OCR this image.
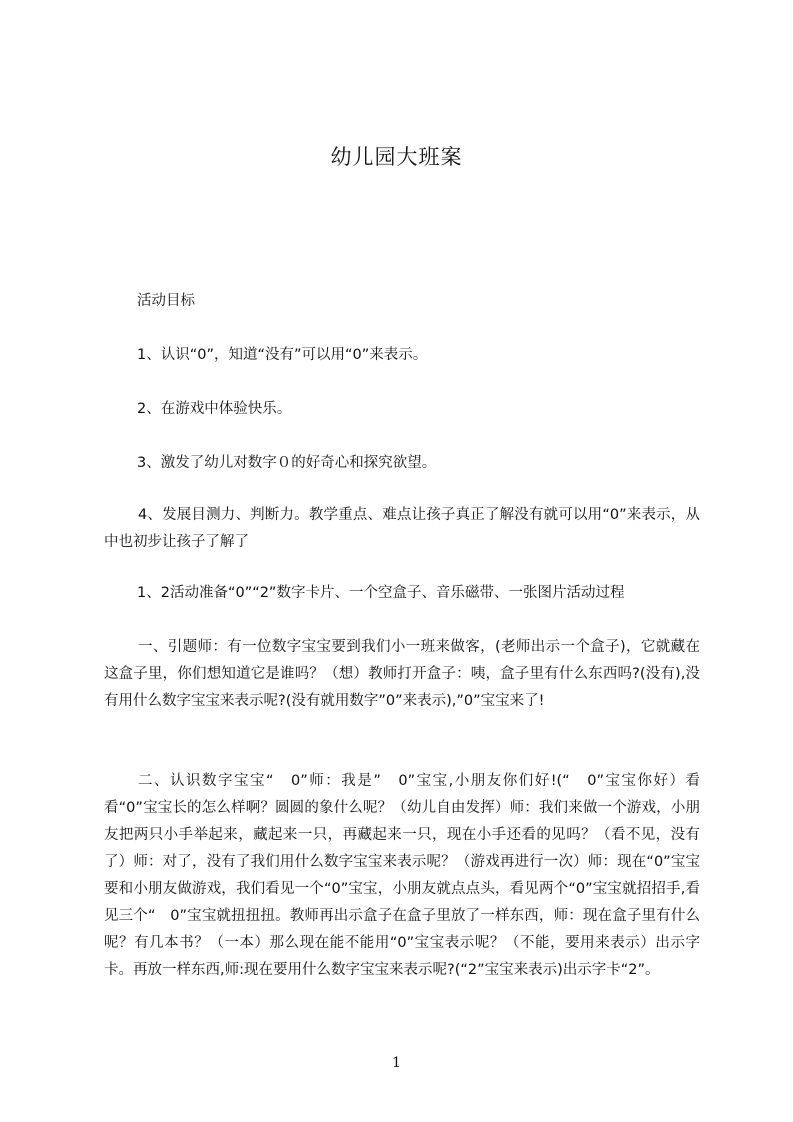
幼儿园大班案
活动目标
1、认识“0”，知道“没有”可以用“0”来表示。
2、在游戏中体验快乐。
3、激发了幼儿对数字０的好奇心和探究欲望。
4、发展目测力、判断力。教学重点、难点让孩子真正了解没有就可以用“0”来表示，从中也初步让孩子了解了
1、2活动准备“0”“2”数字卡片、一个空盒子、音乐磁带、一张图片活动过程
一、引题师：有一位数字宝宝要到我们小一班来做客，(老师出示一个盒子)，它就藏在这盒子里，你们想知道它是谁吗？（想）教师打开盒子：咦，盒子里有什么东西吗?(没有),没有用什么数字宝宝来表示呢?(没有就用数字”0”来表示),”0”宝宝来了!
二、认识数字宝宝“　0”师：我是”　0”宝宝,小朋友你们好!(“　0”宝宝你好）看看“0”宝宝长的怎么样啊？圆圆的象什么呢？（幼儿自由发挥）师：我们来做一个游戏，小朋友把两只小手举起来，藏起来一只，再藏起来一只，现在小手还看的见吗？（看不见，没有了）师：对了，没有了我们用什么数字宝宝来表示呢？（游戏再进行一次）师：现在“0”宝宝要和小朋友做游戏，我们看见一个“0”宝宝，小朋友就点点头，看见两个“0”宝宝就招招手,看见三个“　0”宝宝就扭扭扭。教师再出示盒子在盒子里放了一样东西，师：现在盒子里有什么呢？有几本书？（一本）那么现在能不能用“0”宝宝表示呢？（不能，要用来表示）出示字卡。再放一样东西,师:现在要用什么数字宝宝来表示呢?(“2”宝宝来表示)出示字卡“2”。
1
